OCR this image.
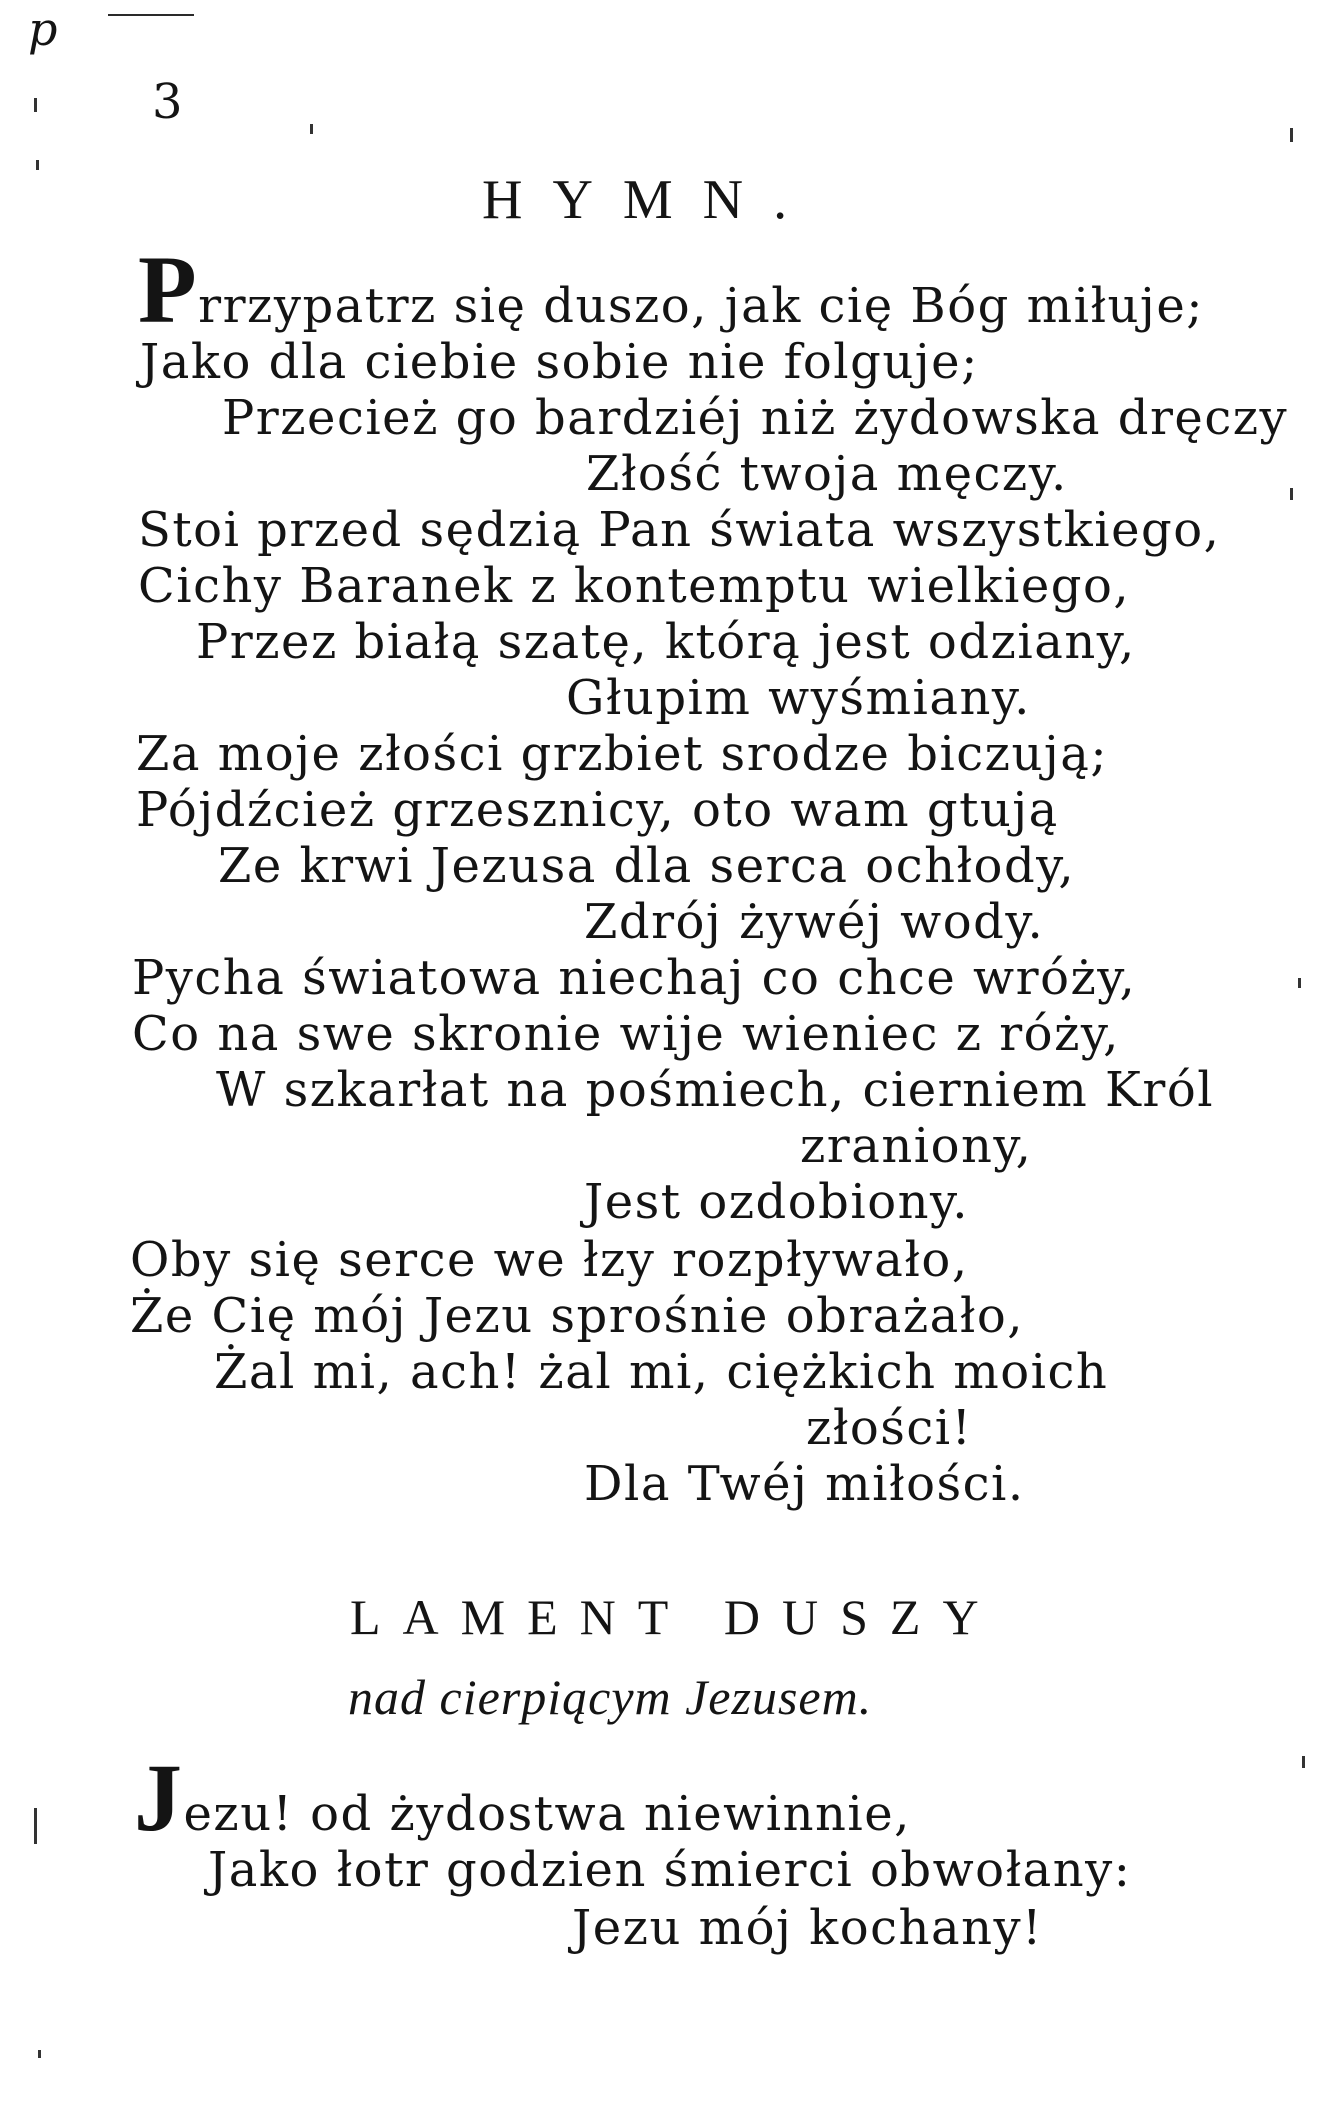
p
3
HYMN.
Prrzypatrz się duszo, jak cię Bóg miłuje;
Jako dla ciebie sobie nie folguje;
Przecież go bardziéj niż żydowska dręczy
Złość twoja męczy.
Stoi przed sędzią Pan świata wszystkiego,
Cichy Baranek z kontemptu wielkiego,
Przez białą szatę, którą jest odziany,
Głupim wyśmiany.
Za moje złości grzbiet srodze biczują;
Pójdźcież grzesznicy, oto wam gtują
Ze krwi Jezusa dla serca ochłody,
Zdrój żywéj wody.
Pycha światowa niechaj co chce wróży,
Co na swe skronie wije wieniec z róży,
W szkarłat na pośmiech, cierniem Król
zraniony,
Jest ozdobiony.
Oby się serce we łzy rozpływało,
Że Cię mój Jezu sprośnie obrażało,
Żal mi, ach! żal mi, ciężkich moich
złości!
Dla Twéj miłości.
LAMENT DUSZY
nad cierpiącym Jezusem.
Jezu! od żydostwa niewinnie,
Jako łotr godzien śmierci obwołany:
Jezu mój kochany!
